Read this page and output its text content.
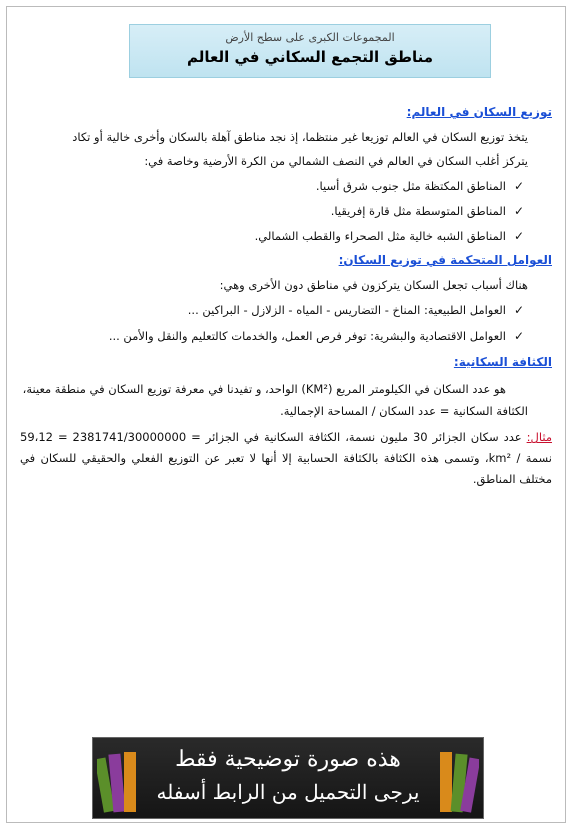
المجموعات الكبرى على سطح الأرض
مناطق التجمع السكاني في العالم

توزيع السكان في العالم:

يتخذ توزيع السكان في العالم توزيعا غير منتظما، إذ نجد مناطق آهلة بالسكان وأخرى خالية أو تكاد

يتركز أغلب السكان في العالم في النصف الشمالي من الكرة الأرضية وخاصة في:

✓
المناطق المكتظة مثل جنوب شرق أسيا.
✓
المناطق المتوسطة مثل قارة إفريقيا.
✓
المناطق الشبه خالية مثل الصحراء والقطب الشمالي.

العوامل المتحكمة في توزيع السكان:

هناك أسباب تجعل السكان يتركزون في مناطق دون الأخرى وهي:

✓
العوامل الطبيعية: المناخ - التضاريس - المياه - الزلازل - البراكين ...
✓
العوامل الاقتصادية والبشرية: توفر فرص العمل، والخدمات كالتعليم والنقل والأمن ...

الكثافة السكانية:

هو عدد السكان في الكيلومتر المربع (KM²) الواحد، و تفيدنا في معرفة توزيع السكان في منطقة معينة،

الكثافة السكانية = عدد السكان / المساحة الإجمالية.

مثال: عدد سكان الجزائر 30 مليون نسمة، الكثافة السكانية في الجزائر = 2381741/30000000 = 59،12 نسمة / km²، وتسمى هذه الكثافة بالكثافة الحسابية إلا أنها لا تعبر عن التوزيع الفعلي والحقيقي للسكان في مختلف المناطق.

هذه صورة توضيحية فقط
يرجى التحميل من الرابط أسفله
